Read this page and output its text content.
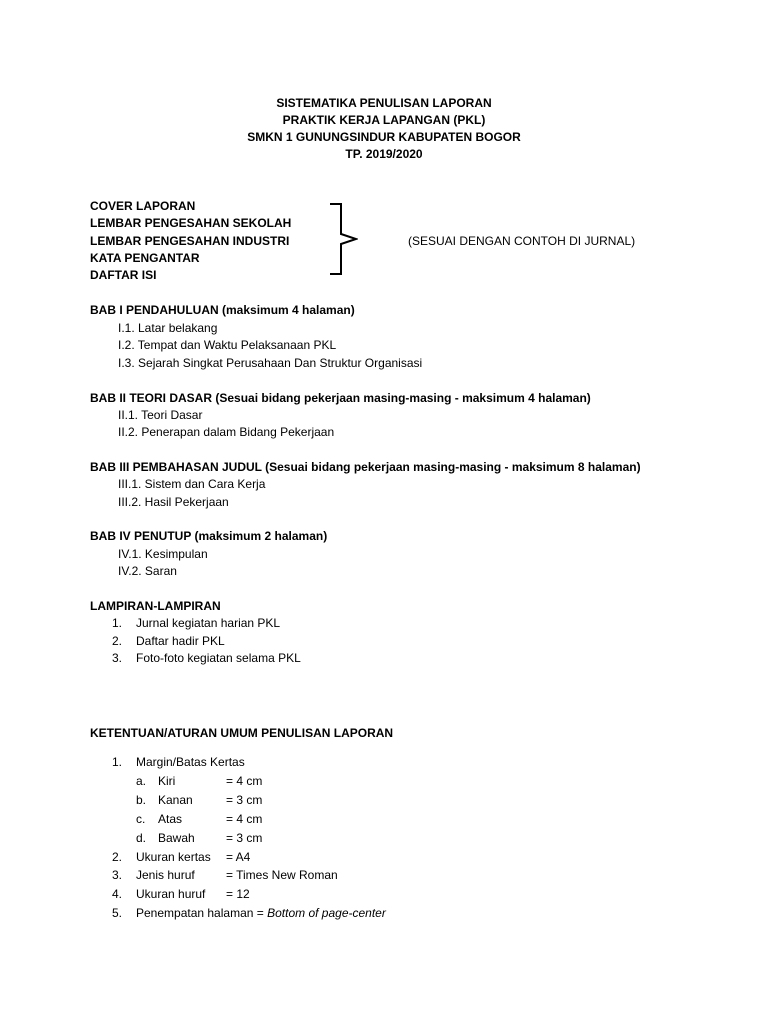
SISTEMATIKA PENULISAN LAPORAN
PRAKTIK KERJA LAPANGAN (PKL)
SMKN 1 GUNUNGSINDUR KABUPATEN BOGOR
TP. 2019/2020
COVER LAPORAN
LEMBAR PENGESAHAN SEKOLAH
LEMBAR PENGESAHAN INDUSTRI
KATA PENGANTAR
DAFTAR ISI
(SESUAI DENGAN CONTOH DI JURNAL)
BAB I PENDAHULUAN (maksimum 4 halaman)
I.1. Latar belakang
I.2. Tempat dan Waktu Pelaksanaan PKL
I.3. Sejarah Singkat Perusahaan Dan Struktur Organisasi
BAB II TEORI DASAR (Sesuai bidang pekerjaan masing-masing - maksimum 4 halaman)
II.1. Teori Dasar
II.2. Penerapan dalam Bidang Pekerjaan
BAB III PEMBAHASAN JUDUL (Sesuai bidang pekerjaan masing-masing - maksimum 8 halaman)
III.1. Sistem dan Cara Kerja
III.2. Hasil Pekerjaan
BAB IV PENUTUP (maksimum 2 halaman)
IV.1. Kesimpulan
IV.2. Saran
LAMPIRAN-LAMPIRAN
1. Jurnal kegiatan harian PKL
2. Daftar hadir PKL
3. Foto-foto kegiatan selama PKL
KETENTUAN/ATURAN UMUM PENULISAN LAPORAN
1. Margin/Batas Kertas
a. Kiri	= 4 cm
b. Kanan	= 3 cm
c. Atas	= 4 cm
d. Bawah	= 3 cm
2. Ukuran kertas = A4
3. Jenis huruf	= Times New Roman
4. Ukuran huruf = 12
5. Penempatan halaman = Bottom of page-center
